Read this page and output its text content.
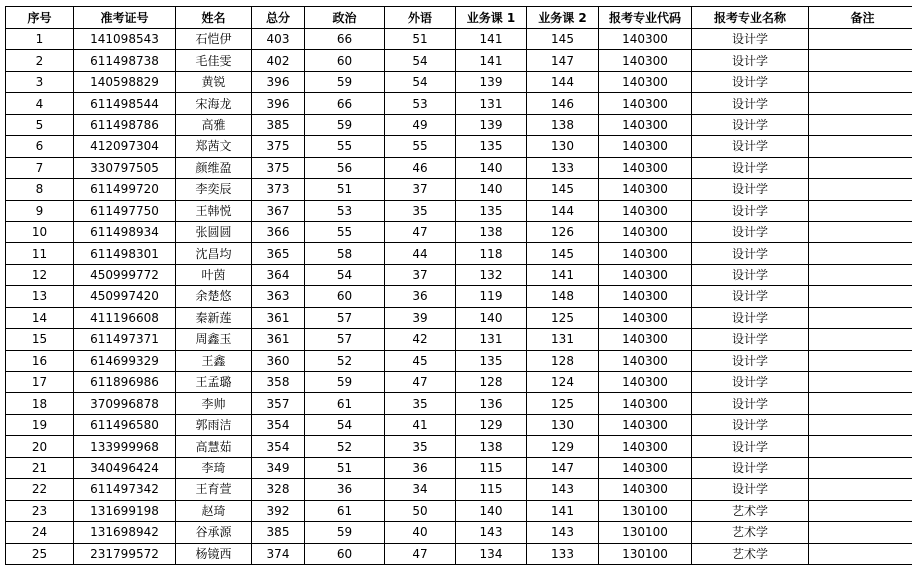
序号	准考证号	姓名	总分	政治	外语	业务课 1	业务课 2	报考专业代码	报考专业名称	备注
1	141098543	石恺伊	403	66	51	141	145	140300	设计学	
2	611498738	毛佳雯	402	60	54	141	147	140300	设计学	
3	140598829	黄锐	396	59	54	139	144	140300	设计学	
4	611498544	宋海龙	396	66	53	131	146	140300	设计学	
5	611498786	高雅	385	59	49	139	138	140300	设计学	
6	412097304	郑茜文	375	55	55	135	130	140300	设计学	
7	330797505	颜维盈	375	56	46	140	133	140300	设计学	
8	611499720	李奕辰	373	51	37	140	145	140300	设计学	
9	611497750	王韩悦	367	53	35	135	144	140300	设计学	
10	611498934	张圆圆	366	55	47	138	126	140300	设计学	
11	611498301	沈昌均	365	58	44	118	145	140300	设计学	
12	450999772	叶茵	364	54	37	132	141	140300	设计学	
13	450997420	余楚悠	363	60	36	119	148	140300	设计学	
14	411196608	秦新莲	361	57	39	140	125	140300	设计学	
15	611497371	周鑫玉	361	57	42	131	131	140300	设计学	
16	614699329	王鑫	360	52	45	135	128	140300	设计学	
17	611896986	王孟璐	358	59	47	128	124	140300	设计学	
18	370996878	李帅	357	61	35	136	125	140300	设计学	
19	611496580	郭雨洁	354	54	41	129	130	140300	设计学	
20	133999968	高慧茹	354	52	35	138	129	140300	设计学	
21	340496424	李琦	349	51	36	115	147	140300	设计学	
22	611497342	王育萱	328	36	34	115	143	140300	设计学	
23	131699198	赵琦	392	61	50	140	141	130100	艺术学	
24	131698942	谷承源	385	59	40	143	143	130100	艺术学	
25	231799572	杨镜西	374	60	47	134	133	130100	艺术学	
